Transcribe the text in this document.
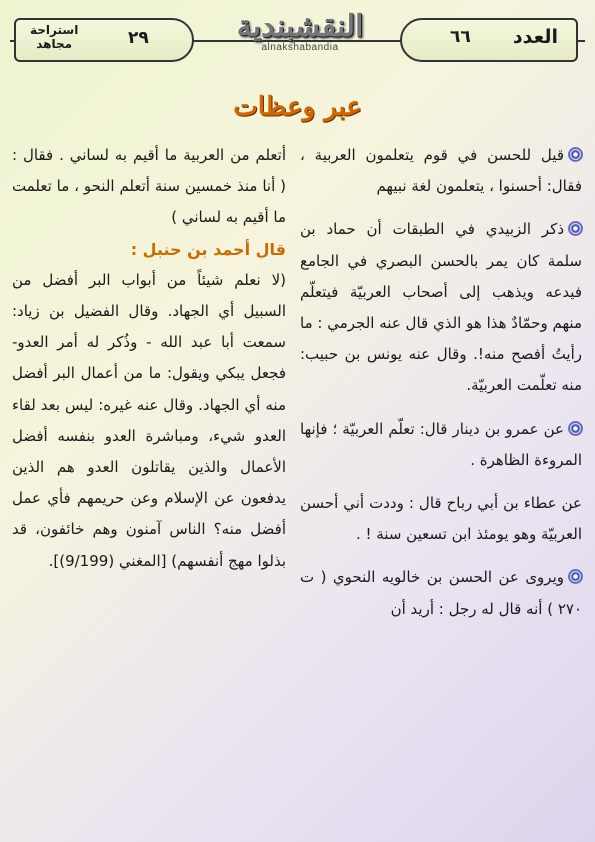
استراحة
مجاهد	٢٩	النقشبندية
alnakshabandia	العدد
٦٦
عبر وعظات

قيل للحسن في قوم يتعلمون العربية ، فقال: أحسنوا ، يتعلمون لغة نبيهم

ذكر الزبيدي في الطبقات أن حماد بن سلمة كان يمر بالحسن البصري في الجامع فيدعه ويذهب إلى أصحاب العربيّة فيتعلّم منهم وحمّادٌ هذا هو الذي قال عنه الجرمي : ما رأيتُ أفصح منه!. وقال عنه يونس بن حبيب: منه تعلّمت العربيّة.

عن عمرو بن دينار قال: تعلّم العربيّة ؛ فإنها المروءة الظاهرة .

عن عطاء بن أبي رباح قال : وددت أني أحسن العربيّة وهو يومئذ ابن تسعين سنة ! .

ويروى عن الحسن بن خالويه النحوي ( ت ٢٧٠ ) أنه قال له رجل : أريد أن

أتعلم من العربية ما أقيم به لساني . فقال : ( أنا منذ خمسين سنة أتعلم النحو ، ما تعلمت ما أقيم به لساني )

قال أحمد بن حنبل :

(لا نعلم شيئاً من أبواب البر أفضل من السبيل أي الجهاد. وقال الفضيل بن زياد: سمعت أبا عبد الله - وذُكر له أمر العدو- فجعل يبكي ويقول: ما من أعمال البر أفضل منه أي الجهاد. وقال عنه غيره: ليس بعد لقاء العدو شيء، ومباشرة العدو بنفسه أفضل الأعمال والذين يقاتلون العدو هم الذين يدفعون عن الإسلام وعن حريمهم فأي عمل أفضل منه؟ الناس آمنون وهم خائفون، قد بذلوا مهج أنفسهم) [المغني (9/199)].
